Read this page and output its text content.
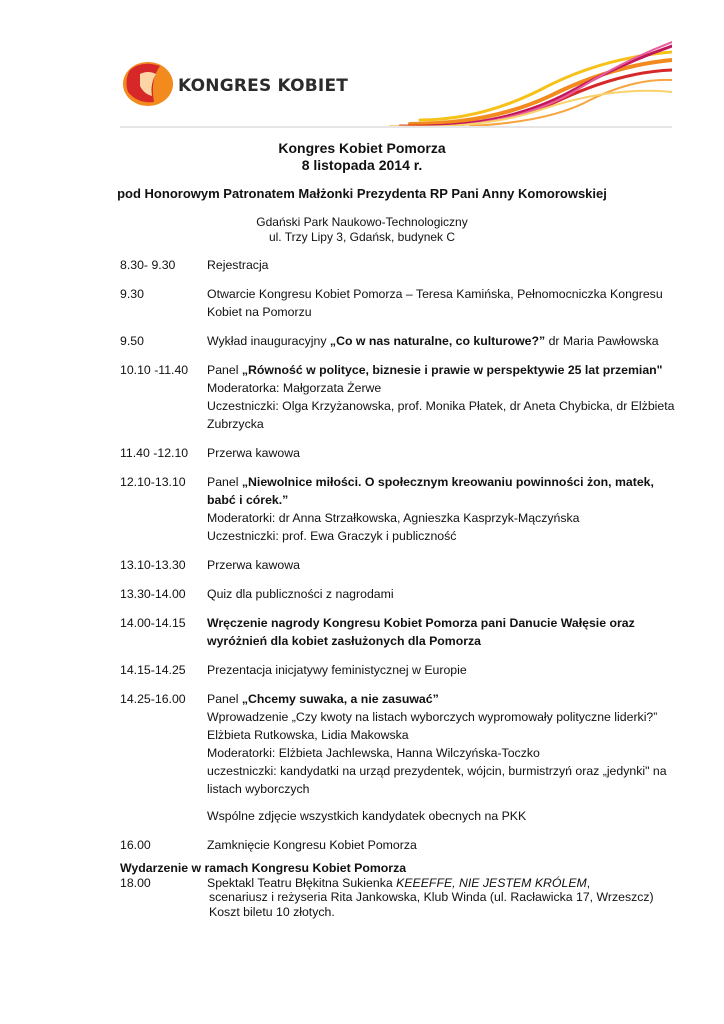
KONGRES KOBIET
Kongres Kobiet Pomorza
8 listopada 2014 r.
pod Honorowym Patronatem Małżonki Prezydenta RP Pani Anny Komorowskiej
Gdański Park Naukowo-Technologiczny
ul. Trzy Lipy 3, Gdańsk, budynek C
8.30- 9.30	Rejestracja
9.30	Otwarcie Kongresu Kobiet Pomorza – Teresa Kamińska, Pełnomocniczka Kongresu Kobiet na Pomorzu
9.50	Wykład inauguracyjny „Co w nas naturalne, co kulturowe?” dr Maria Pawłowska
10.10 -11.40	Panel „Równość w polityce, biznesie i prawie w perspektywie 25 lat przemian"
Moderatorka: Małgorzata Żerwe
Uczestniczki: Olga Krzyżanowska, prof. Monika Płatek, dr Aneta Chybicka, dr Elżbieta Zubrzycka
11.40 -12.10	Przerwa kawowa
12.10-13.10	Panel „Niewolnice miłości. O społecznym kreowaniu powinności żon, matek, babć i córek.”
Moderatorki: dr Anna Strzałkowska, Agnieszka Kasprzyk-Mączyńska
Uczestniczki: prof. Ewa Graczyk i publiczność
13.10-13.30	Przerwa kawowa
13.30-14.00	Quiz dla publiczności z nagrodami
14.00-14.15	Wręczenie nagrody Kongresu Kobiet Pomorza pani Danucie Wałęsie oraz wyróżnień dla kobiet zasłużonych dla Pomorza
14.15-14.25	Prezentacja inicjatywy feministycznej w Europie
14.25-16.00	Panel „Chcemy suwaka, a nie zasuwać”
Wprowadzenie „Czy kwoty na listach wyborczych wypromowały polityczne liderki?”
Elżbieta Rutkowska, Lidia Makowska
Moderatorki: Elżbieta Jachlewska, Hanna Wilczyńska-Toczko
uczestniczki: kandydatki na urząd prezydentek, wójcin, burmistrzyń oraz „jedynki" na listach wyborczych
Wspólne zdjęcie wszystkich kandydatek obecnych na PKK
16.00	Zamknięcie Kongresu Kobiet Pomorza
Wydarzenie w ramach Kongresu Kobiet Pomorza
18.00	Spektakl Teatru Błękitna Sukienka KEEEFFE, NIE JESTEM KRÓLEM,
scenariusz i reżyseria Rita Jankowska, Klub Winda (ul. Racławicka 17, Wrzeszcz)
Koszt biletu 10 złotych.
